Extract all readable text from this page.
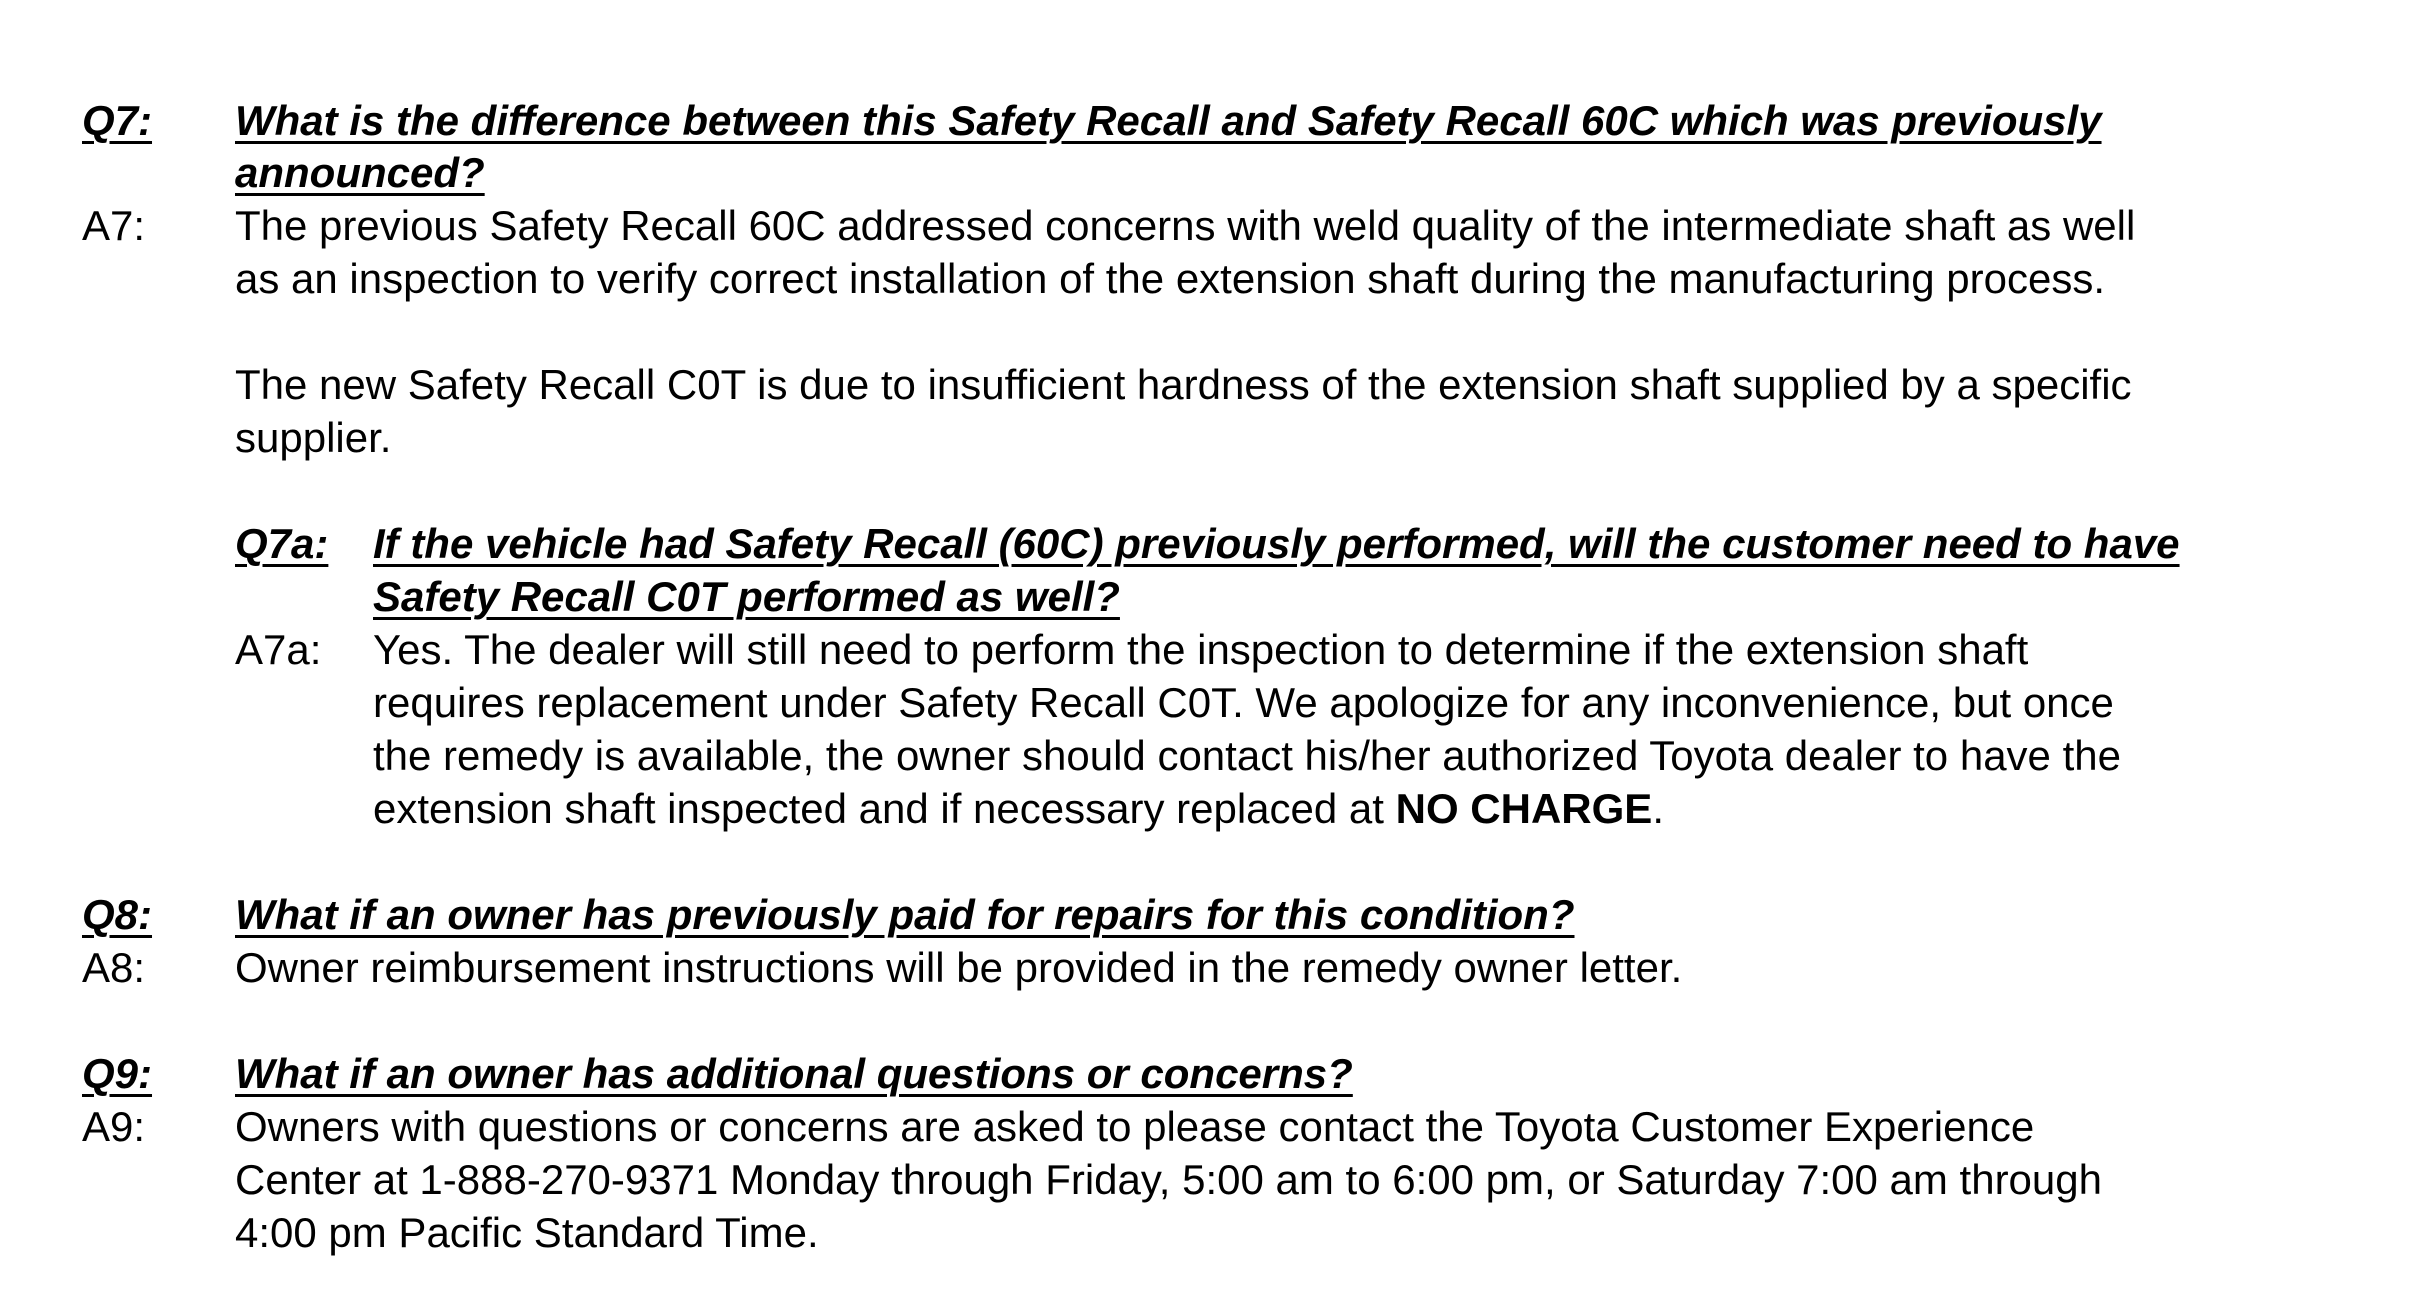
Q7: What is the difference between this Safety Recall and Safety Recall 60C which was previously
announced?
A7: The previous Safety Recall 60C addressed concerns with weld quality of the intermediate shaft as well
as an inspection to verify correct installation of the extension shaft during the manufacturing process.
The new Safety Recall C0T is due to insufficient hardness of the extension shaft supplied by a specific
supplier.
Q7a: If the vehicle had Safety Recall (60C) previously performed, will the customer need to have
Safety Recall C0T performed as well?
A7a: Yes. The dealer will still need to perform the inspection to determine if the extension shaft
requires replacement under Safety Recall C0T. We apologize for any inconvenience, but once
the remedy is available, the owner should contact his/her authorized Toyota dealer to have the
extension shaft inspected and if necessary replaced at NO CHARGE.
Q8: What if an owner has previously paid for repairs for this condition?
A8: Owner reimbursement instructions will be provided in the remedy owner letter.
Q9: What if an owner has additional questions or concerns?
A9: Owners with questions or concerns are asked to please contact the Toyota Customer Experience
Center at 1-888-270-9371 Monday through Friday, 5:00 am to 6:00 pm, or Saturday 7:00 am through
4:00 pm Pacific Standard Time.
